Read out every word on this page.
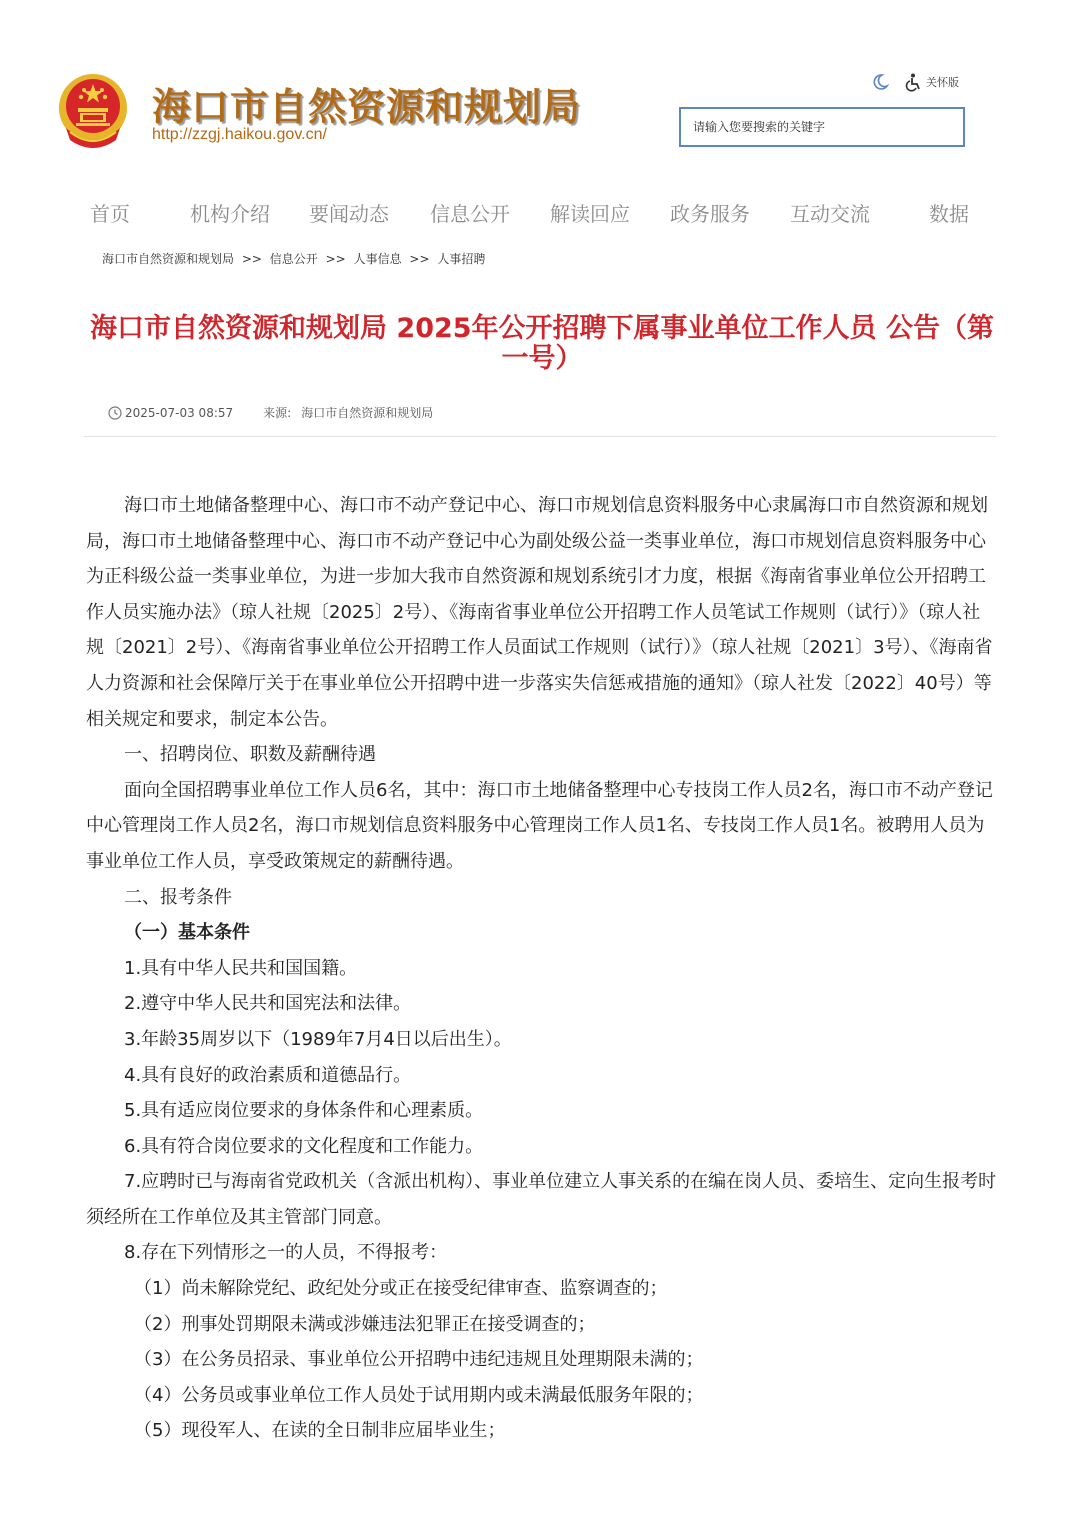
海口市自然资源和规划局
http://zzgj.haikou.gov.cn/
关怀版
请输入您要搜索的关键字
首页	机构介绍 要闻动态 信息公开 解读回应 政务服务 互动交流	数据
海口市自然资源和规划局 >> 信息公开 >> 人事信息 >> 人事招聘
海口市自然资源和规划局 2025年公开招聘下属事业单位工作人员 公告（第一号）
2025-07-03 08:57	来源: 海口市自然资源和规划局

海口市土地储备整理中心、海口市不动产登记中心、海口市规划信息资料服务中心隶属海口市自然资源和规划局，海口市土地储备整理中心、海口市不动产登记中心为副处级公益一类事业单位，海口市规划信息资料服务中心为正科级公益一类事业单位，为进一步加大我市自然资源和规划系统引才力度，根据《海南省事业单位公开招聘工作人员实施办法》（琼人社规〔2025〕2号）、《海南省事业单位公开招聘工作人员笔试工作规则（试行）》（琼人社规〔2021〕2号）、《海南省事业单位公开招聘工作人员面试工作规则（试行）》（琼人社规〔2021〕3号）、《海南省人力资源和社会保障厅关于在事业单位公开招聘中进一步落实失信惩戒措施的通知》（琼人社发〔2022〕40号）等相关规定和要求，制定本公告。

一、招聘岗位、职数及薪酬待遇

面向全国招聘事业单位工作人员6名，其中：海口市土地储备整理中心专技岗工作人员2名，海口市不动产登记中心管理岗工作人员2名，海口市规划信息资料服务中心管理岗工作人员1名、专技岗工作人员1名。被聘用人员为事业单位工作人员，享受政策规定的薪酬待遇。

二、报考条件

（一）基本条件

1.具有中华人民共和国国籍。

2.遵守中华人民共和国宪法和法律。

3.年龄35周岁以下（1989年7月4日以后出生）。

4.具有良好的政治素质和道德品行。

5.具有适应岗位要求的身体条件和心理素质。

6.具有符合岗位要求的文化程度和工作能力。

7.应聘时已与海南省党政机关（含派出机构）、事业单位建立人事关系的在编在岗人员、委培生、定向生报考时须经所在工作单位及其主管部门同意。

8.存在下列情形之一的人员，不得报考：

（1）尚未解除党纪、政纪处分或正在接受纪律审查、监察调查的；

（2）刑事处罚期限未满或涉嫌违法犯罪正在接受调查的；

（3）在公务员招录、事业单位公开招聘中违纪违规且处理期限未满的；

（4）公务员或事业单位工作人员处于试用期内或未满最低服务年限的；

（5）现役军人、在读的全日制非应届毕业生；
